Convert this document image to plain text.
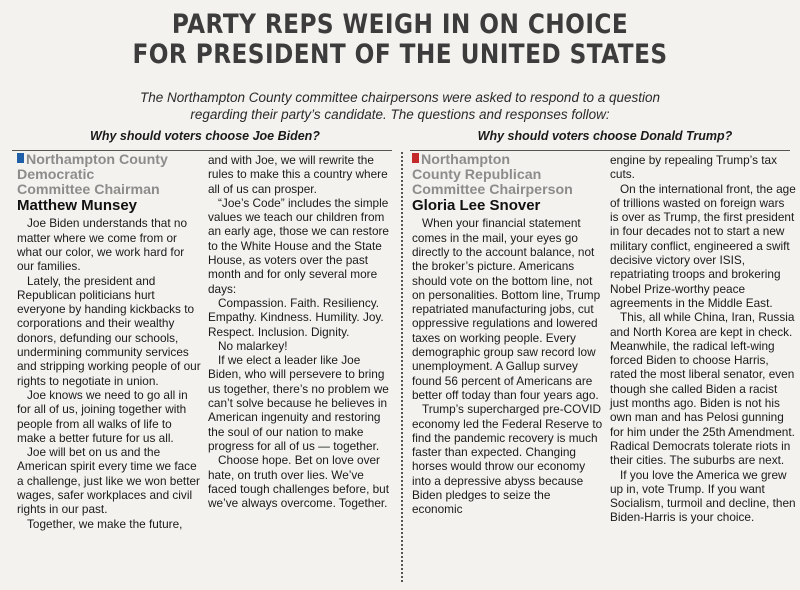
PARTY REPS WEIGH IN ON CHOICE
FOR PRESIDENT OF THE UNITED STATES
The Northampton County committee chairpersons were asked to respond to a question
regarding their party’s candidate. The questions and responses follow:
Why should voters choose Joe Biden?	Why should voters choose Donald Trump?
Northampton County
Democratic
Committee Chairman
Matthew Munsey

Joe Biden understands that no matter where we come from or what our color, we work hard for our families.

Lately, the president and Republican politicians hurt everyone by handing kickbacks to corporations and their wealthy donors, defunding our schools, undermining community services and stripping working people of our rights to negotiate in union.

Joe knows we need to go all in for all of us, joining together with people from all walks of life to make a better future for us all.

Joe will bet on us and the American spirit every time we face a challenge, just like we won better wages, safer workplaces and civil rights in our past.

Together, we make the future,

and with Joe, we will rewrite the rules to make this a country where all of us can prosper.

“Joe’s Code” includes the simple values we teach our children from an early age, those we can restore to the White House and the State House, as voters over the past month and for only several more days:

Compassion. Faith. Resiliency. Empathy. Kindness. Humility. Joy. Respect. Inclusion. Dignity.

No malarkey!

If we elect a leader like Joe Biden, who will persevere to bring us together, there’s no problem we can’t solve because he believes in American ingenuity and restoring the soul of our nation to make progress for all of us — together.

Choose hope. Bet on love over hate, on truth over lies. We’ve faced tough challenges before, but we’ve always overcome. Together.

Northampton
County Republican
Committee Chairperson
Gloria Lee Snover

When your financial statement comes in the mail, your eyes go directly to the account balance, not the broker’s picture. Americans should vote on the bottom line, not on personalities. Bottom line, Trump repatriated manufacturing jobs, cut oppressive regulations and lowered taxes on working people. Every demographic group saw record low unemployment. A Gallup survey found 56 percent of Americans are better off today than four years ago.

Trump’s supercharged pre-COVID economy led the Federal Reserve to find the pandemic recovery is much faster than expected. Changing horses would throw our economy into a depressive abyss because Biden pledges to seize the economic

engine by repealing Trump’s tax cuts.

On the international front, the age of trillions wasted on foreign wars is over as Trump, the first president in four decades not to start a new military conflict, engineered a swift decisive victory over ISIS, repatriating troops and brokering Nobel Prize-worthy peace agreements in the Middle East.

This, all while China, Iran, Russia and North Korea are kept in check. Meanwhile, the radical left-wing forced Biden to choose Harris, rated the most liberal senator, even though she called Biden a racist just months ago. Biden is not his own man and has Pelosi gunning for him under the 25th Amendment. Radical Democrats tolerate riots in their cities. The suburbs are next.

If you love the America we grew up in, vote Trump. If you want Socialism, turmoil and decline, then Biden-Harris is your choice.
